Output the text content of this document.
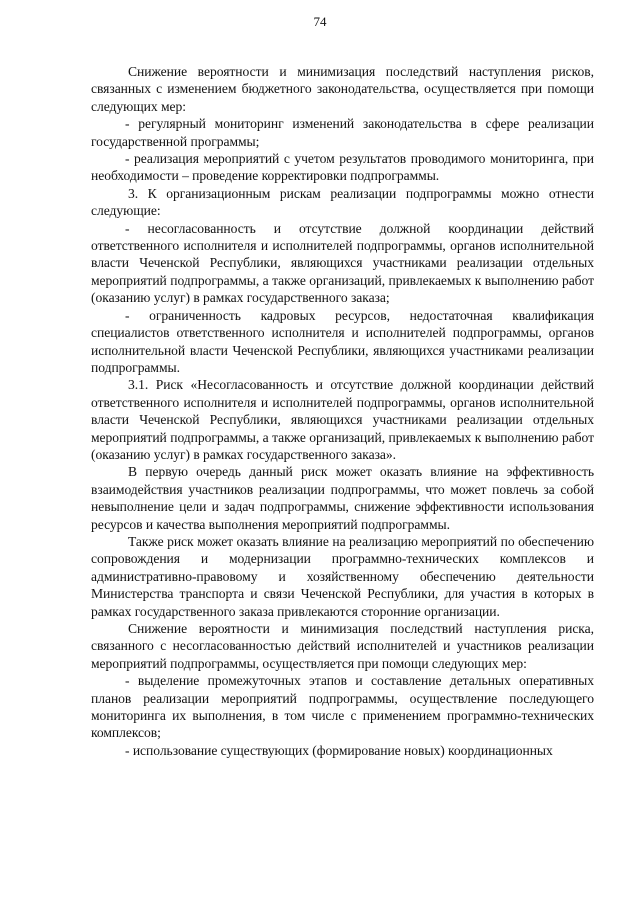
74

Снижение вероятности и минимизация последствий наступления рисков, связанных с изменением бюджетного законодательства, осуществляется при помощи следующих мер:

- регулярный мониторинг изменений законодательства в сфере реализации государственной программы;

- реализация мероприятий с учетом результатов проводимого мониторинга, при необходимости – проведение корректировки подпрограммы.

3. К организационным рискам реализации подпрограммы можно отнести следующие:

- несогласованность и отсутствие должной координации действий ответственного исполнителя и исполнителей подпрограммы, органов исполнительной власти Чеченской Республики, являющихся участниками реализации отдельных мероприятий подпрограммы, а также организаций, привлекаемых к выполнению работ (оказанию услуг) в рамках государственного заказа;

- ограниченность кадровых ресурсов, недостаточная квалификация специалистов ответственного исполнителя и исполнителей подпрограммы, органов исполнительной власти Чеченской Республики, являющихся участниками реализации подпрограммы.

3.1. Риск «Несогласованность и отсутствие должной координации действий ответственного исполнителя и исполнителей подпрограммы, органов исполнительной власти Чеченской Республики, являющихся участниками реализации отдельных мероприятий подпрограммы, а также организаций, привлекаемых к выполнению работ (оказанию услуг) в рамках государственного заказа».

В первую очередь данный риск может оказать влияние на эффективность взаимодействия участников реализации подпрограммы, что может повлечь за собой невыполнение цели и задач подпрограммы, снижение эффективности использования ресурсов и качества выполнения мероприятий подпрограммы.

Также риск может оказать влияние на реализацию мероприятий по обеспечению сопровождения и модернизации программно-технических комплексов и административно-правовому и хозяйственному обеспечению деятельности Министерства транспорта и связи Чеченской Республики, для участия в которых в рамках государственного заказа привлекаются сторонние организации.

Снижение вероятности и минимизация последствий наступления риска, связанного с несогласованностью действий исполнителей и участников реализации мероприятий подпрограммы, осуществляется при помощи следующих мер:

- выделение промежуточных этапов и составление детальных оперативных планов реализации мероприятий подпрограммы, осуществление последующего мониторинга их выполнения, в том числе с применением программно-технических комплексов;

- использование существующих (формирование новых) координационных
